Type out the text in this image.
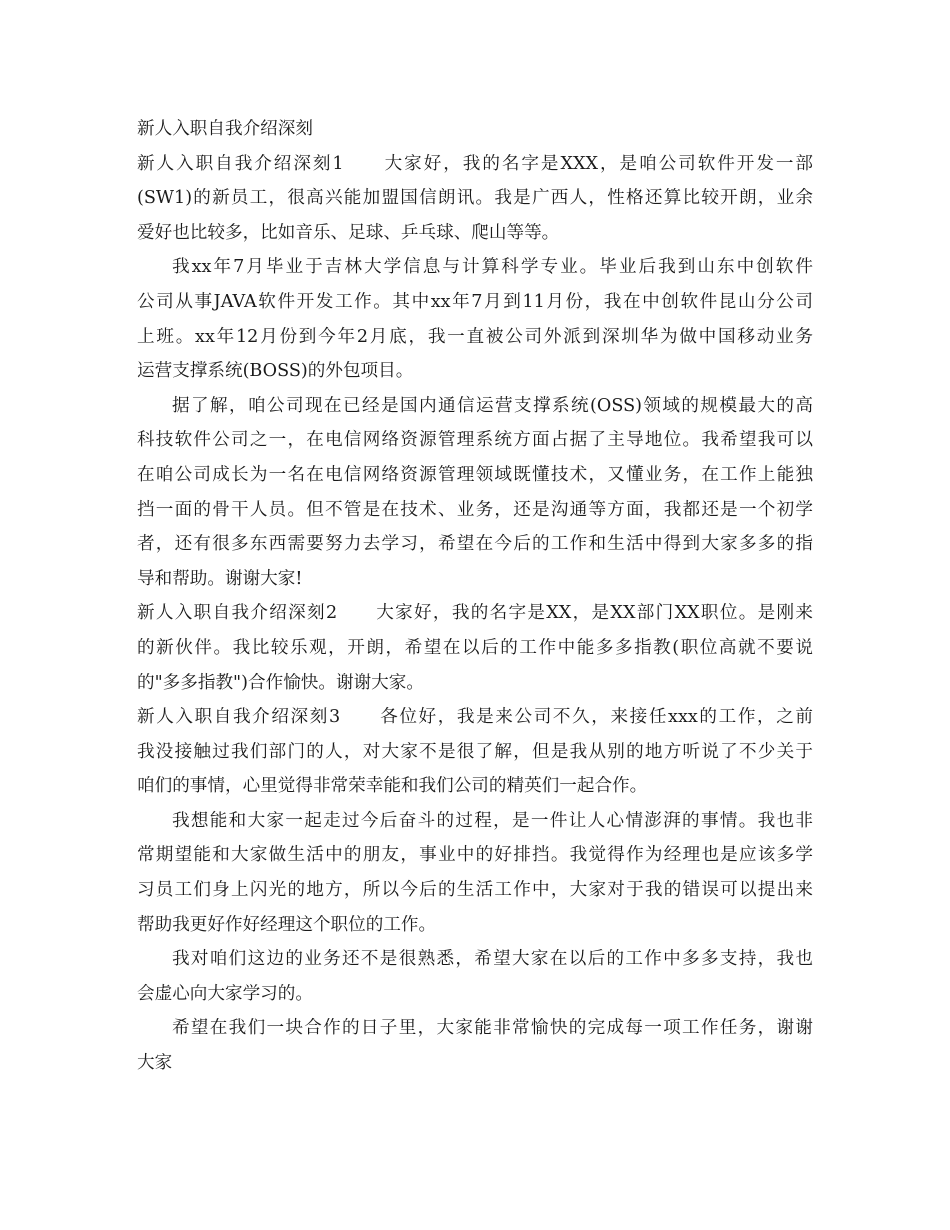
新人入职自我介绍深刻
新人入职自我介绍深刻1　　大家好，我的名字是XXX，是咱公司软件开发一部
(SW1)的新员工，很高兴能加盟国信朗讯。我是广西人，性格还算比较开朗，业余
爱好也比较多，比如音乐、足球、乒乓球、爬山等等。
我xx年7月毕业于吉林大学信息与计算科学专业。毕业后我到山东中创软件
公司从事JAVA软件开发工作。其中xx年7月到11月份，我在中创软件昆山分公司
上班。xx年12月份到今年2月底，我一直被公司外派到深圳华为做中国移动业务
运营支撑系统(BOSS)的外包项目。
据了解，咱公司现在已经是国内通信运营支撑系统(OSS)领域的规模最大的高
科技软件公司之一，在电信网络资源管理系统方面占据了主导地位。我希望我可以
在咱公司成长为一名在电信网络资源管理领域既懂技术，又懂业务，在工作上能独
挡一面的骨干人员。但不管是在技术、业务，还是沟通等方面，我都还是一个初学
者，还有很多东西需要努力去学习，希望在今后的工作和生活中得到大家多多的指
导和帮助。谢谢大家!
新人入职自我介绍深刻2　　大家好，我的名字是XX，是XX部门XX职位。是刚来
的新伙伴。我比较乐观，开朗，希望在以后的工作中能多多指教(职位高就不要说
的"多多指教")合作愉快。谢谢大家。
新人入职自我介绍深刻3　　各位好，我是来公司不久，来接任xxx的工作，之前
我没接触过我们部门的人，对大家不是很了解，但是我从别的地方听说了不少关于
咱们的事情，心里觉得非常荣幸能和我们公司的精英们一起合作。
我想能和大家一起走过今后奋斗的过程，是一件让人心情澎湃的事情。我也非
常期望能和大家做生活中的朋友，事业中的好排挡。我觉得作为经理也是应该多学
习员工们身上闪光的地方，所以今后的生活工作中，大家对于我的错误可以提出来
帮助我更好作好经理这个职位的工作。
我对咱们这边的业务还不是很熟悉，希望大家在以后的工作中多多支持，我也
会虚心向大家学习的。
希望在我们一块合作的日子里，大家能非常愉快的完成每一项工作任务，谢谢
大家
